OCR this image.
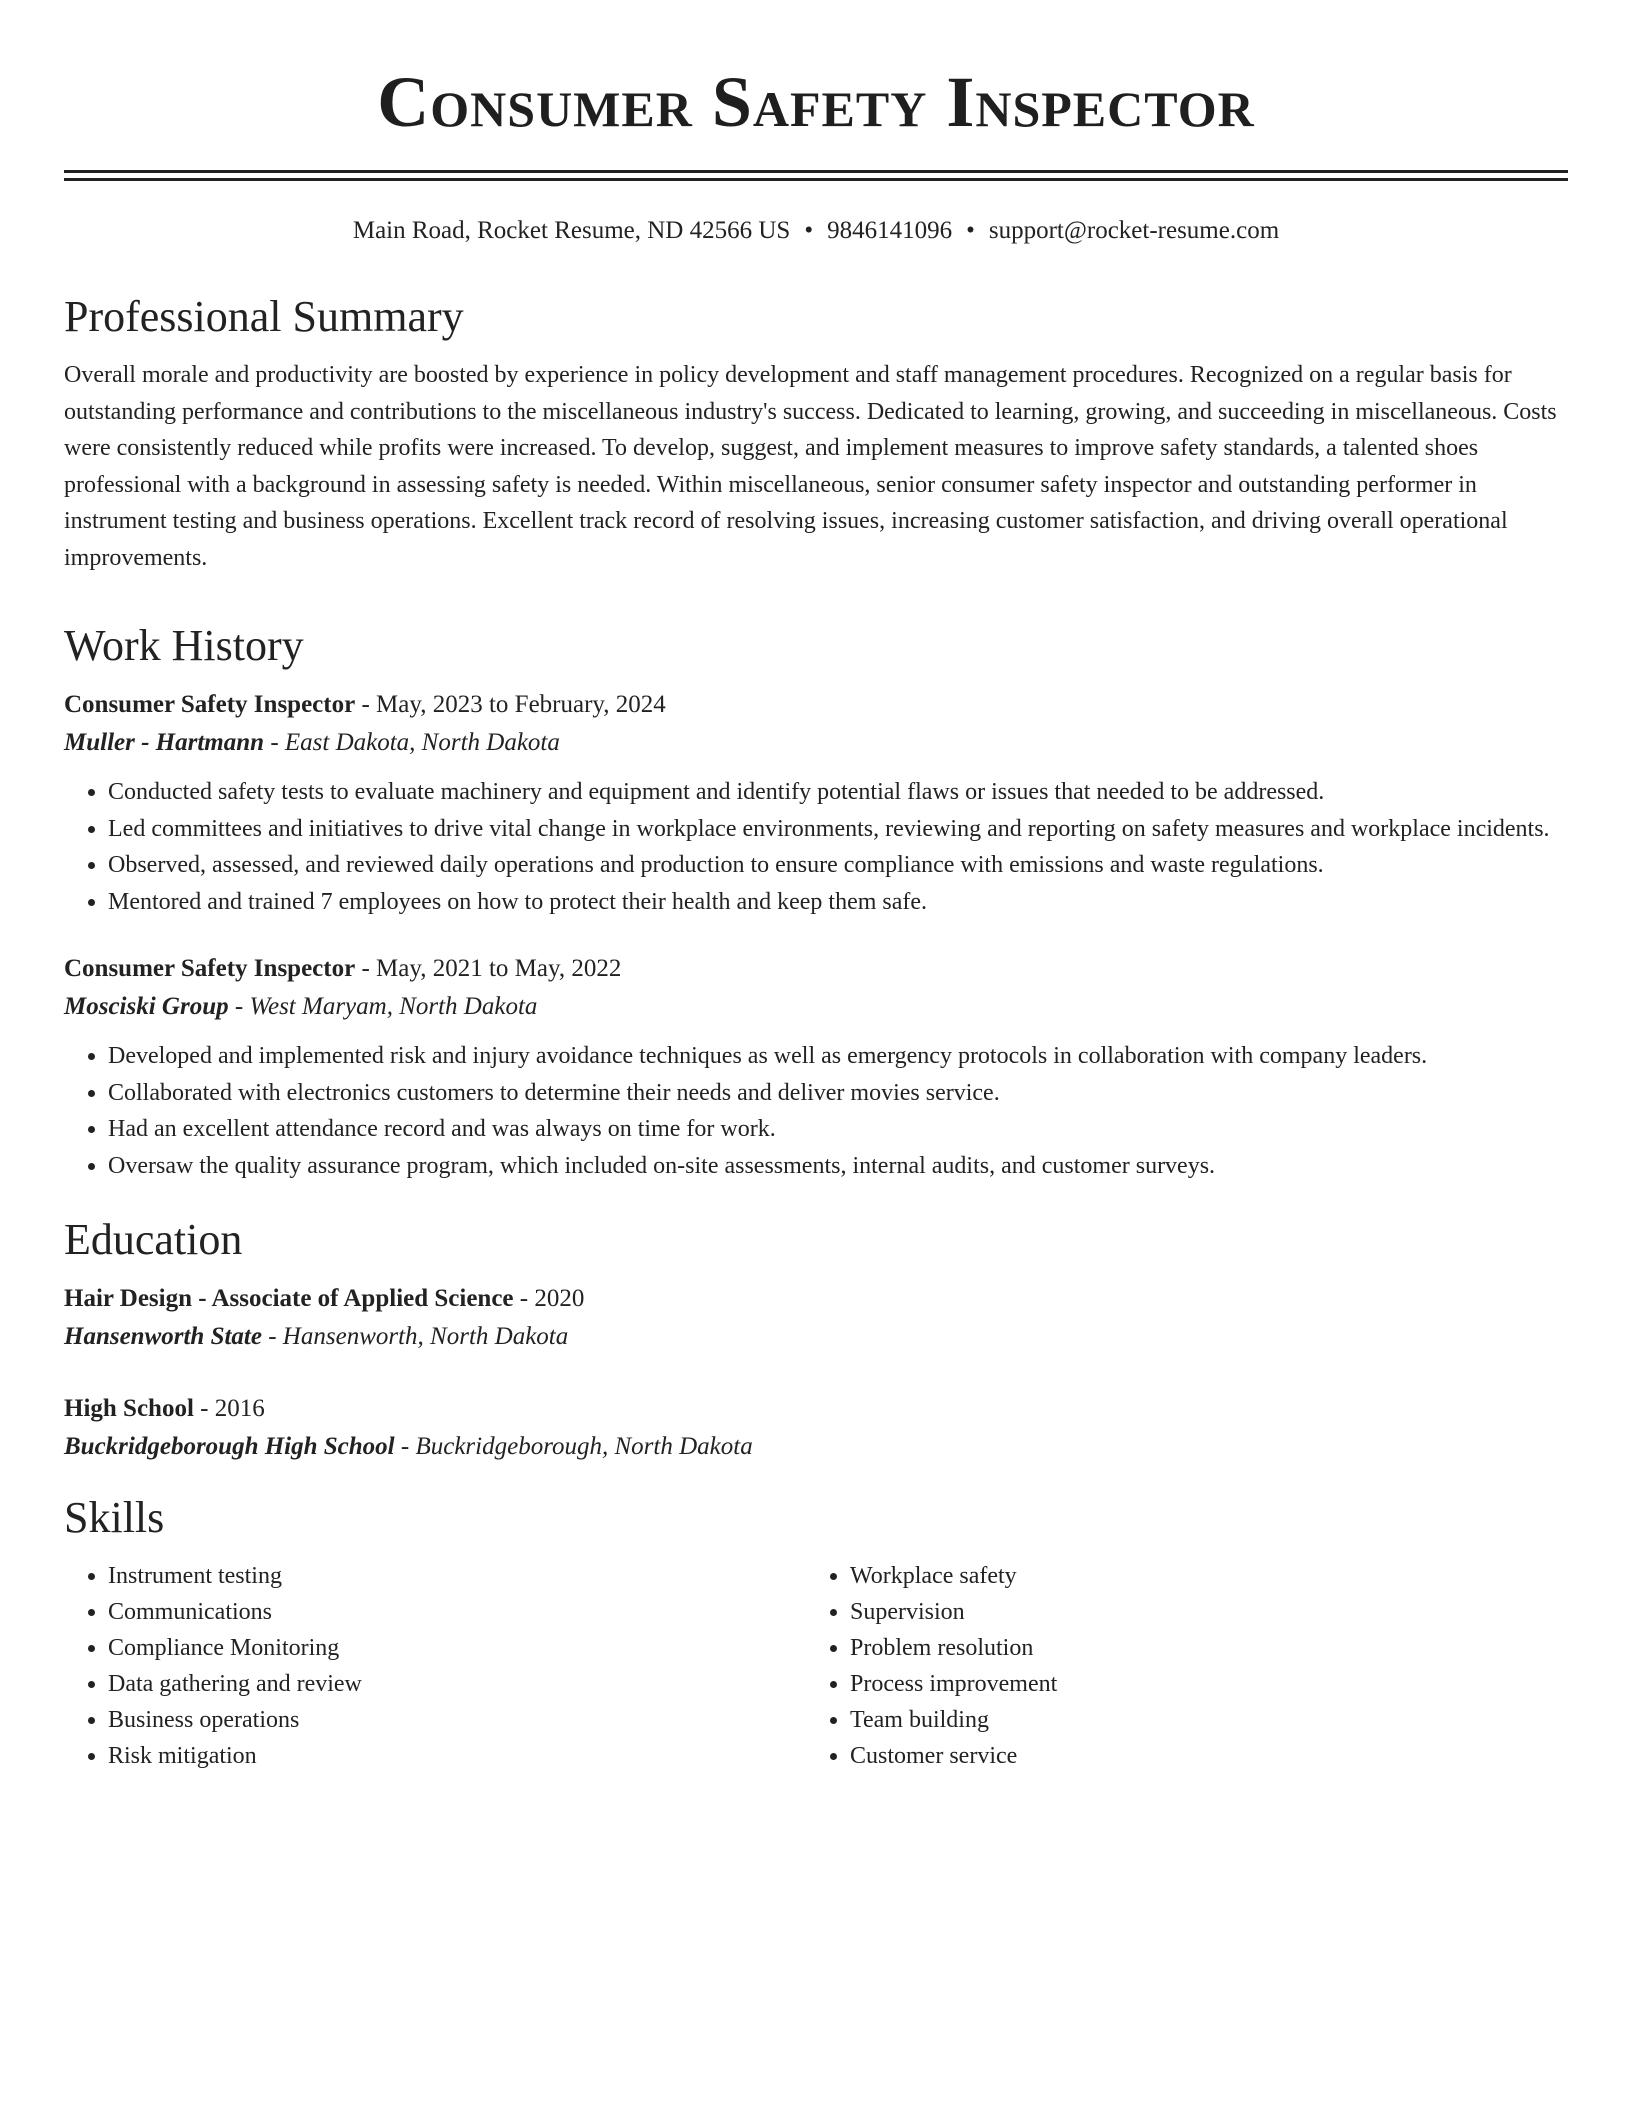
Consumer Safety Inspector
Main Road, Rocket Resume, ND 42566 US • 9846141096 • support@rocket-resume.com
Professional Summary

Overall morale and productivity are boosted by experience in policy development and staff management procedures. Recognized on a regular basis for outstanding performance and contributions to the miscellaneous industry's success. Dedicated to learning, growing, and succeeding in miscellaneous. Costs were consistently reduced while profits were increased. To develop, suggest, and implement measures to improve safety standards, a talented shoes professional with a background in assessing safety is needed. Within miscellaneous, senior consumer safety inspector and outstanding performer in instrument testing and business operations. Excellent track record of resolving issues, increasing customer satisfaction, and driving overall operational improvements.

Work History
Consumer Safety Inspector - May, 2023 to February, 2024
Muller - Hartmann - East Dakota, North Dakota
• Conducted safety tests to evaluate machinery and equipment and identify potential flaws or issues that needed to be addressed.
• Led committees and initiatives to drive vital change in workplace environments, reviewing and reporting on safety measures and workplace incidents.
• Observed, assessed, and reviewed daily operations and production to ensure compliance with emissions and waste regulations.
• Mentored and trained 7 employees on how to protect their health and keep them safe.
Consumer Safety Inspector - May, 2021 to May, 2022
Mosciski Group - West Maryam, North Dakota
• Developed and implemented risk and injury avoidance techniques as well as emergency protocols in collaboration with company leaders.
• Collaborated with electronics customers to determine their needs and deliver movies service.
• Had an excellent attendance record and was always on time for work.
• Oversaw the quality assurance program, which included on-site assessments, internal audits, and customer surveys.
Education
Hair Design - Associate of Applied Science - 2020
Hansenworth State - Hansenworth, North Dakota
High School - 2016
Buckridgeborough High School - Buckridgeborough, North Dakota
Skills
• Instrument testing
• Communications
• Compliance Monitoring
• Data gathering and review
• Business operations
• Risk mitigation
• Workplace safety
• Supervision
• Problem resolution
• Process improvement
• Team building
• Customer service
